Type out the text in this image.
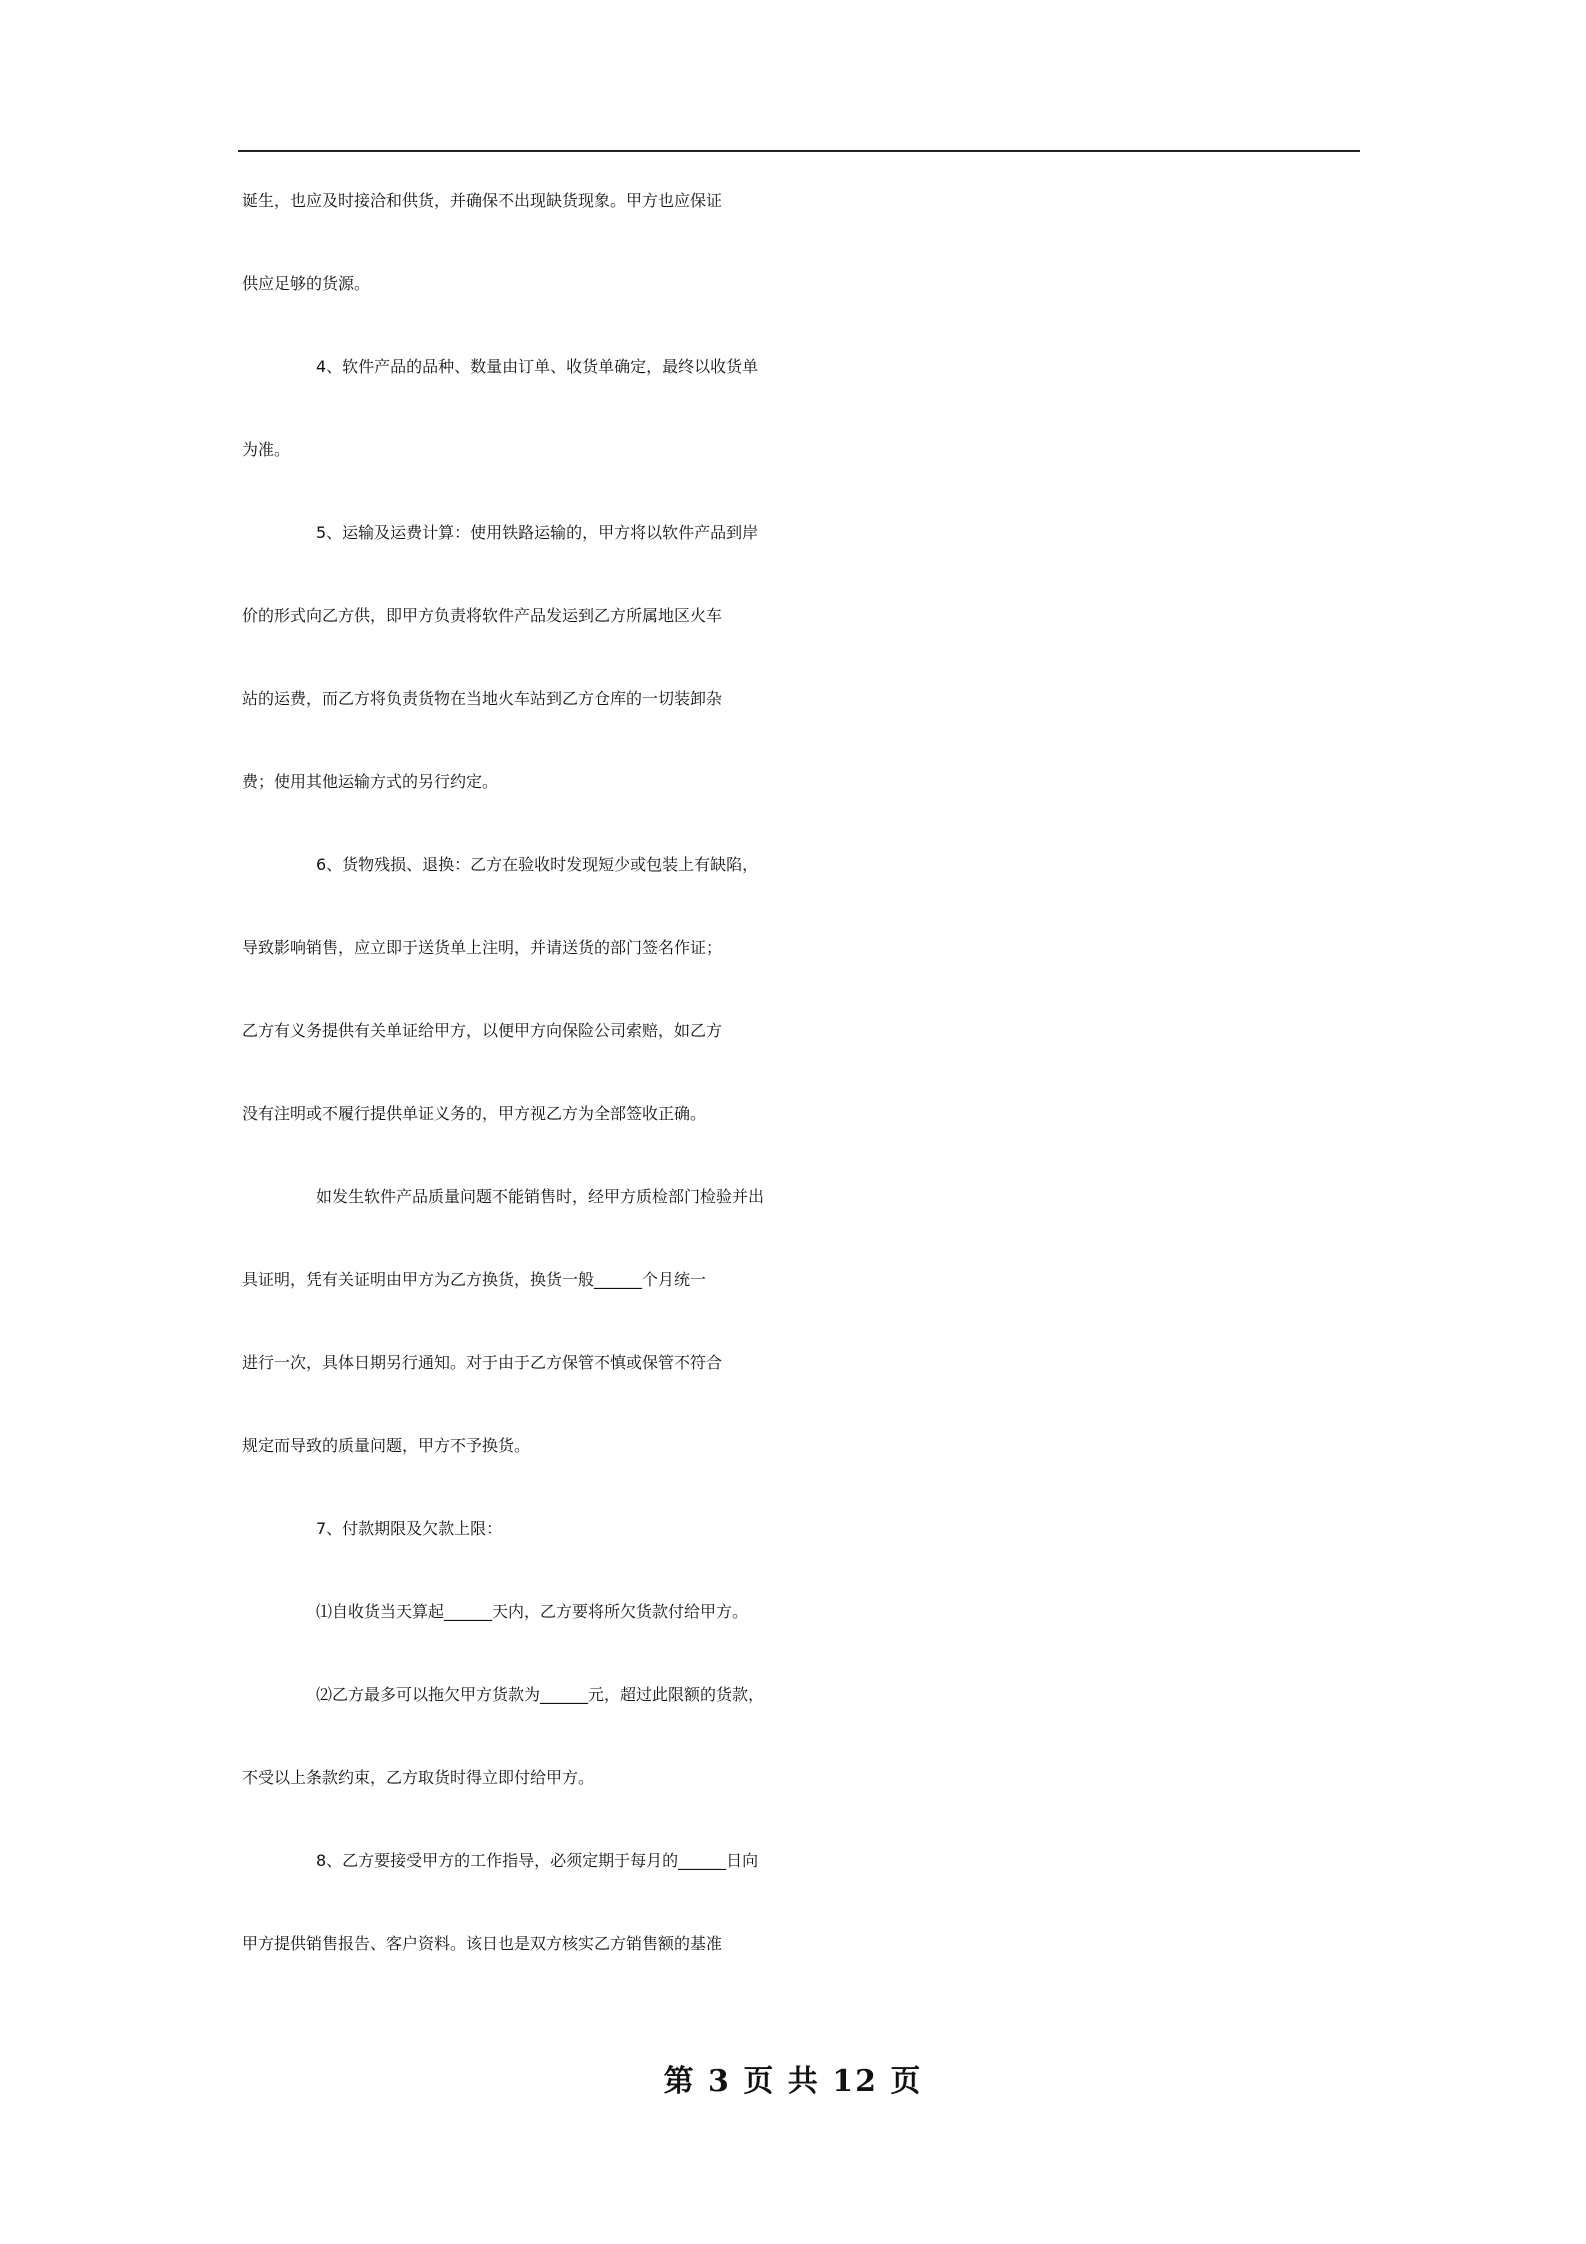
诞生，也应及时接洽和供货，并确保不出现缺货现象。甲方也应保证
供应足够的货源。
4、软件产品的品种、数量由订单、收货单确定，最终以收货单
为准。
5、运输及运费计算：使用铁路运输的，甲方将以软件产品到岸
价的形式向乙方供，即甲方负责将软件产品发运到乙方所属地区火车
站的运费，而乙方将负责货物在当地火车站到乙方仓库的一切装卸杂
费；使用其他运输方式的另行约定。
6、货物残损、退换：乙方在验收时发现短少或包装上有缺陷，
导致影响销售，应立即于送货单上注明，并请送货的部门签名作证；
乙方有义务提供有关单证给甲方，以便甲方向保险公司索赔，如乙方
没有注明或不履行提供单证义务的，甲方视乙方为全部签收正确。
如发生软件产品质量问题不能销售时，经甲方质检部门检验并出
具证明，凭有关证明由甲方为乙方换货，换货一般______个月统一
进行一次，具体日期另行通知。对于由于乙方保管不慎或保管不符合
规定而导致的质量问题，甲方不予换货。
7、付款期限及欠款上限：
⑴自收货当天算起______天内，乙方要将所欠货款付给甲方。
⑵乙方最多可以拖欠甲方货款为______元，超过此限额的货款，
不受以上条款约束，乙方取货时得立即付给甲方。
8、乙方要接受甲方的工作指导，必须定期于每月的______日向
甲方提供销售报告、客户资料。该日也是双方核实乙方销售额的基准
第 3 页 共 12 页
